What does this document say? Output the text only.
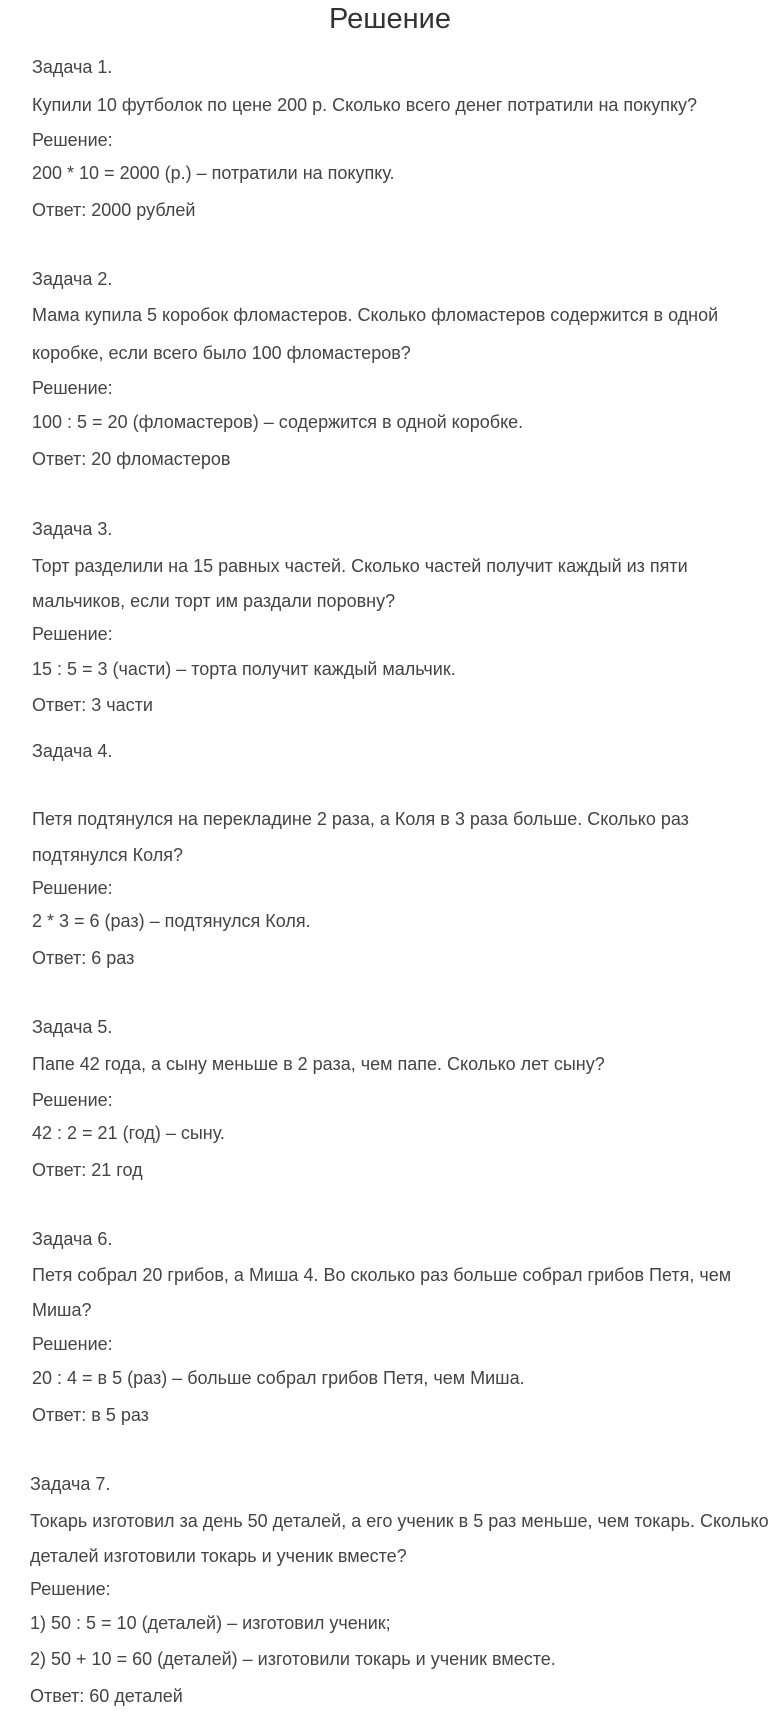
Решение
Задача 1.
Купили 10 футболок по цене 200 р. Сколько всего денег потратили на покупку?
Решение:
200 * 10 = 2000 (р.) – потратили на покупку.
Ответ: 2000 рублей
Задача 2.
Мама купила 5 коробок фломастеров. Сколько фломастеров содержится в одной
коробке, если всего было 100 фломастеров?
Решение:
100 : 5 = 20 (фломастеров) – содержится в одной коробке.
Ответ: 20 фломастеров
Задача 3.
Торт разделили на 15 равных частей. Сколько частей получит каждый из пяти
мальчиков, если торт им раздали поровну?
Решение:
15 : 5 = 3 (части) – торта получит каждый мальчик.
Ответ: 3 части
Задача 4.
Петя подтянулся на перекладине 2 раза, а Коля в 3 раза больше. Сколько раз
подтянулся Коля?
Решение:
2 * 3 = 6 (раз) – подтянулся Коля.
Ответ: 6 раз
Задача 5.
Папе 42 года, а сыну меньше в 2 раза, чем папе. Сколько лет сыну?
Решение:
42 : 2 = 21 (год) – сыну.
Ответ: 21 год
Задача 6.
Петя собрал 20 грибов, а Миша 4. Во сколько раз больше собрал грибов Петя, чем
Миша?
Решение:
20 : 4 = в 5 (раз) – больше собрал грибов Петя, чем Миша.
Ответ: в 5 раз
Задача 7.
Токарь изготовил за день 50 деталей, а его ученик в 5 раз меньше, чем токарь. Сколько
деталей изготовили токарь и ученик вместе?
Решение:
1) 50 : 5 = 10 (деталей) – изготовил ученик;
2) 50 + 10 = 60 (деталей) – изготовили токарь и ученик вместе.
Ответ: 60 деталей
